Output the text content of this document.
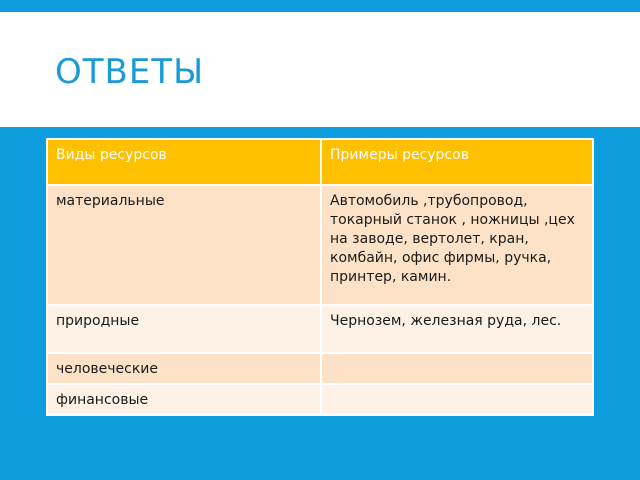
ОТВЕТЫ
Виды ресурсов	Примеры ресурсов
материальные	Автомобиль ,трубопровод, токарный станок , ножницы ,цех на заводе, вертолет, кран, комбайн, офис фирмы, ручка, принтер, камин.
природные	Чернозем, железная руда, лес.
человеческие	
финансовые	
